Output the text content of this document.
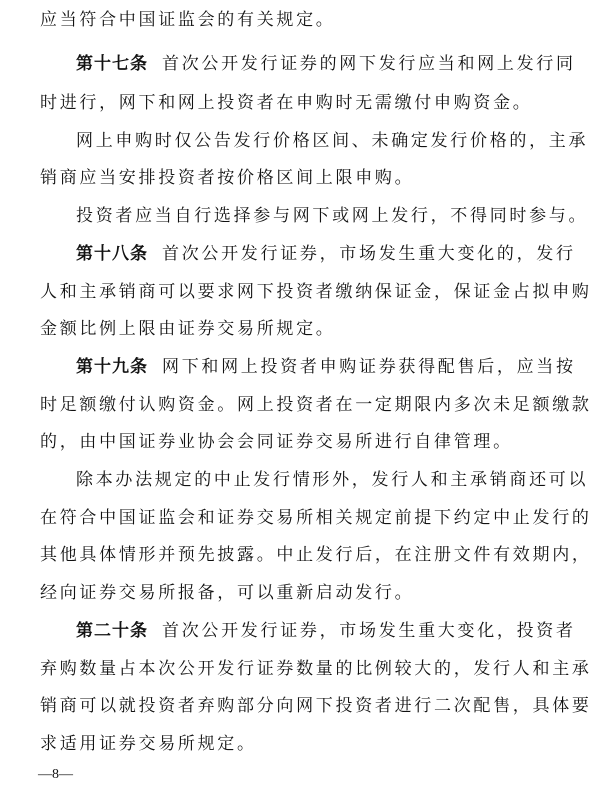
应当符合中国证监会的有关规定。
第十七条 首次公开发行证券的网下发行应当和网上发行同
时进行，网下和网上投资者在申购时无需缴付申购资金。
网上申购时仅公告发行价格区间、未确定发行价格的，主承
销商应当安排投资者按价格区间上限申购。
投资者应当自行选择参与网下或网上发行，不得同时参与。
第十八条 首次公开发行证券，市场发生重大变化的，发行
人和主承销商可以要求网下投资者缴纳保证金，保证金占拟申购
金额比例上限由证券交易所规定。
第十九条 网下和网上投资者申购证券获得配售后，应当按
时足额缴付认购资金。网上投资者在一定期限内多次未足额缴款
的，由中国证券业协会会同证券交易所进行自律管理。
除本办法规定的中止发行情形外，发行人和主承销商还可以
在符合中国证监会和证券交易所相关规定前提下约定中止发行的
其他具体情形并预先披露。中止发行后，在注册文件有效期内，
经向证券交易所报备，可以重新启动发行。
第二十条 首次公开发行证券，市场发生重大变化，投资者
弃购数量占本次公开发行证券数量的比例较大的，发行人和主承
销商可以就投资者弃购部分向网下投资者进行二次配售，具体要
求适用证券交易所规定。
—8—
